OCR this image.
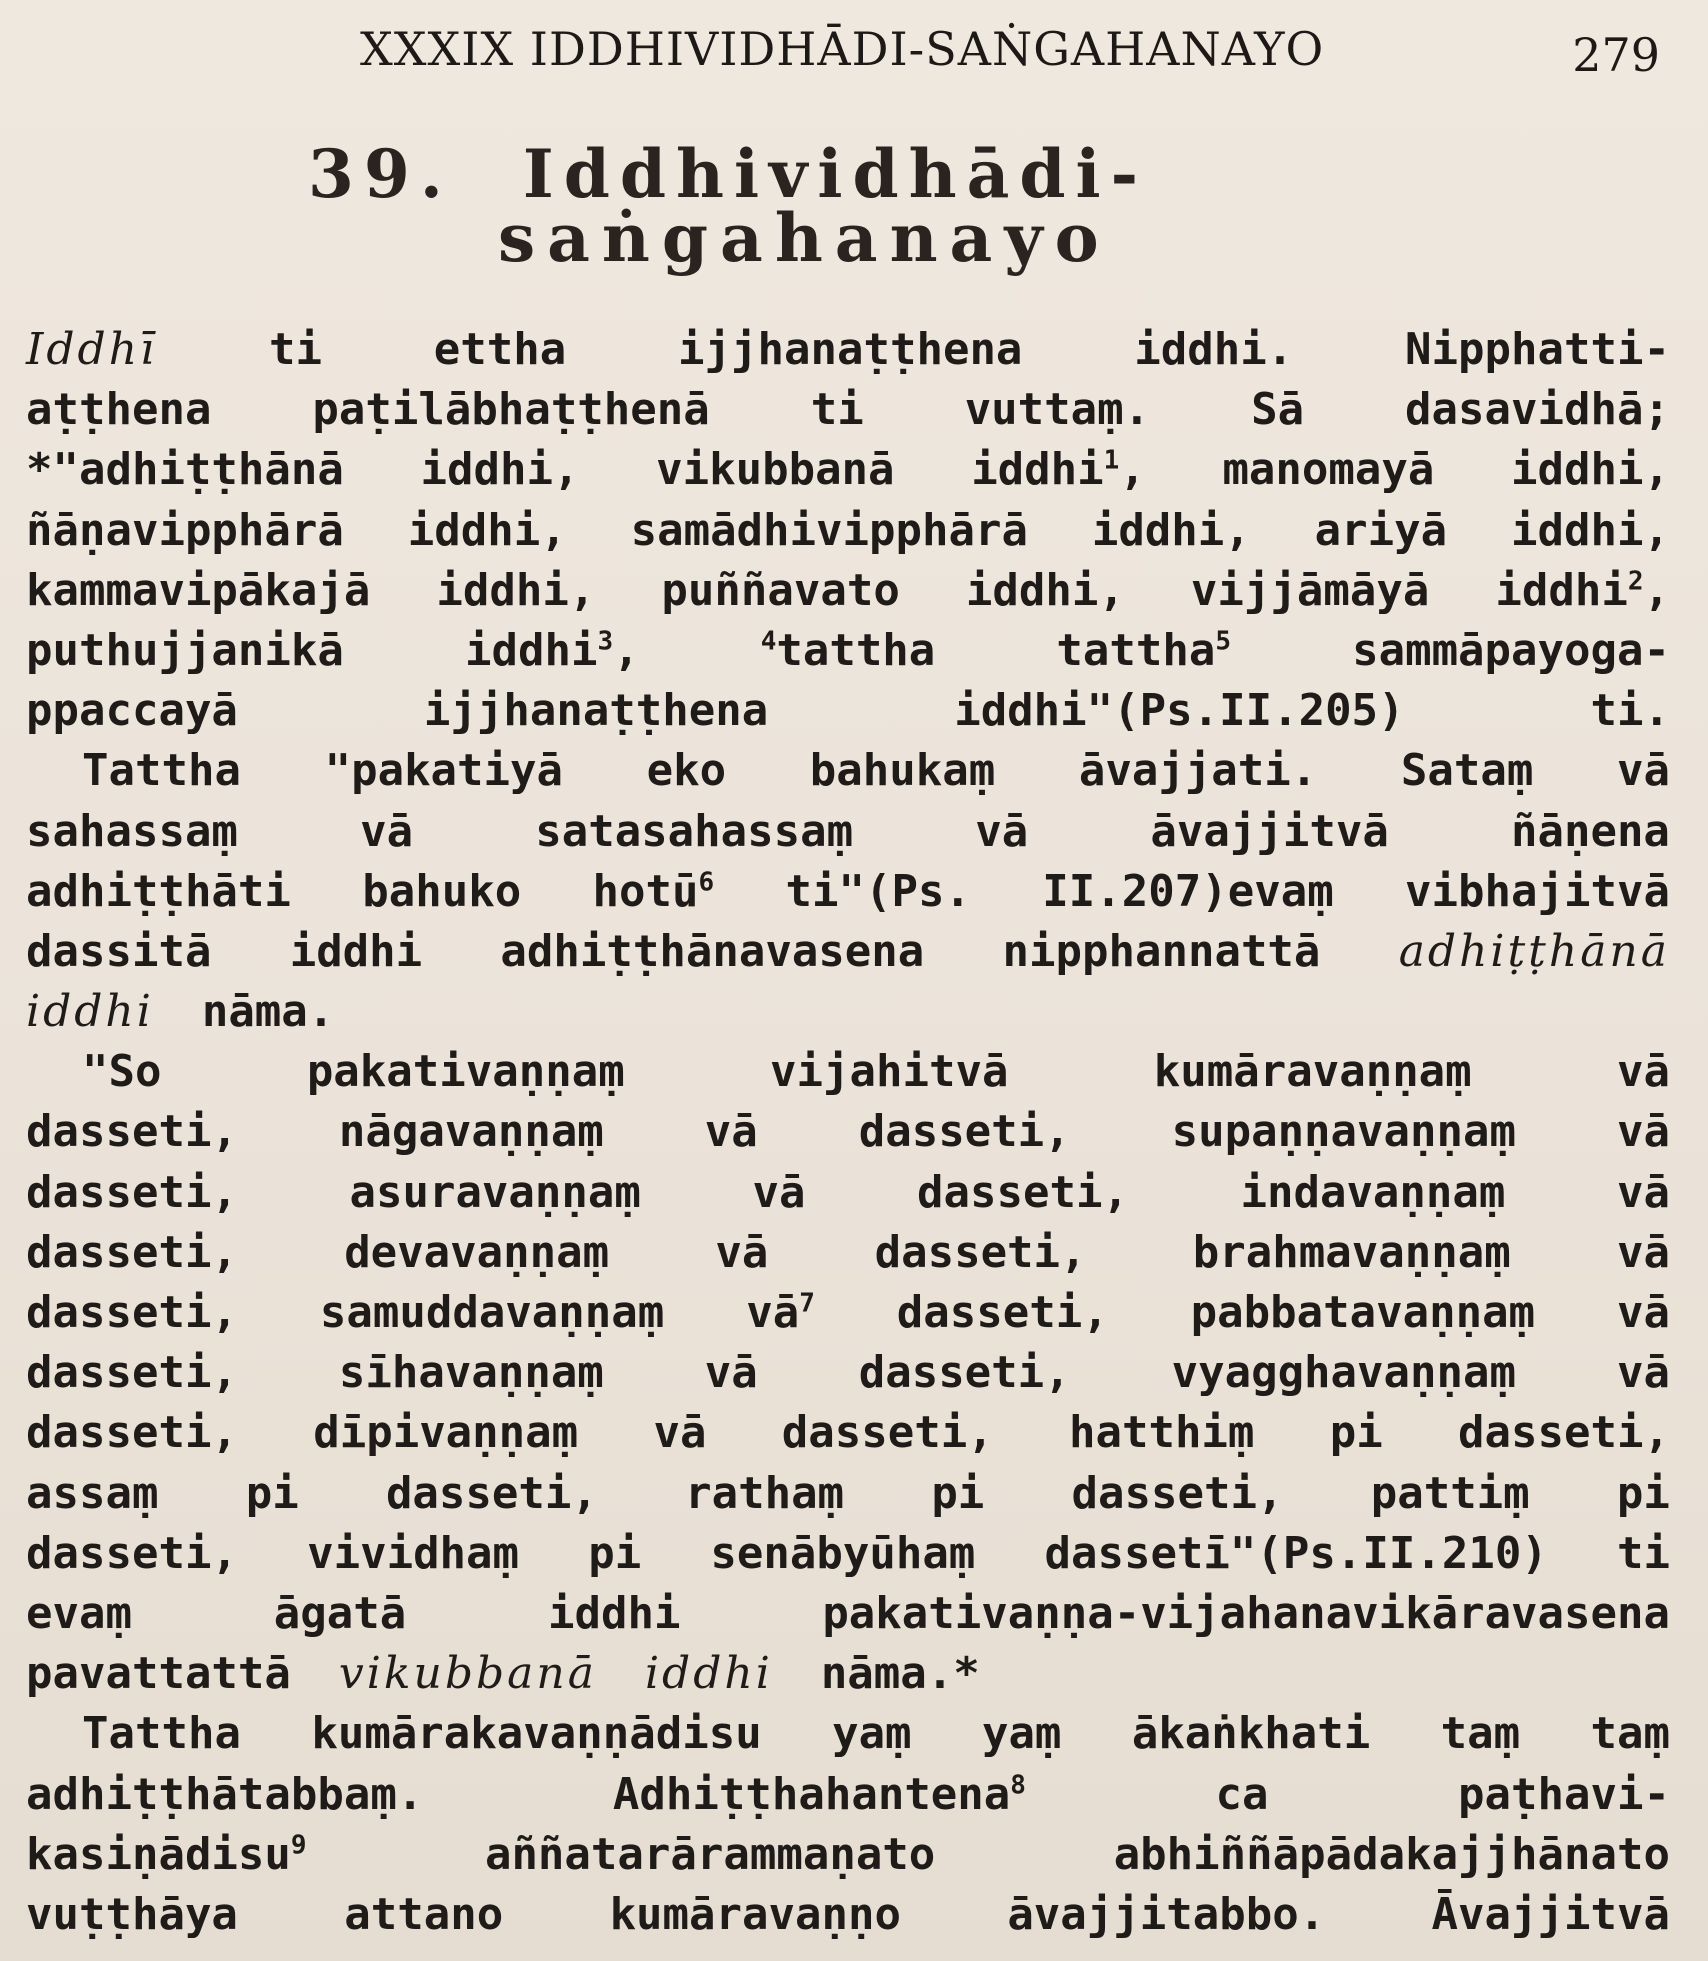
XXXIX IDDHIVIDHĀDI-SAṄGAHANAYO	279
39. Iddhividhādi-
saṅgahanayo
Iddhī	ti	ettha	ijjhanaṭṭhena	iddhi.	Nipphatti-
aṭṭhena paṭilābhaṭṭhenā ti vuttaṃ. Sā dasavidhā;
*"adhiṭṭhānā iddhi, vikubbanā iddhi$^1$, manomayā iddhi,
ñāṇavipphārā iddhi, samādhivipphārā iddhi, ariyā iddhi,
kammavipākajā iddhi, puññavato iddhi, vijjāmāyā iddhi$^2$,
puthujjanikā	iddhi$^3$,	$^4$tattha	tattha$^5$	sammāpayoga-
ppaccayā	ijjhanaṭṭhena	iddhi"(Ps.II.205)	ti.
Tattha "pakatiyā eko bahukaṃ āvajjati. Sataṃ vā
sahassaṃ	vā	satasahassaṃ	vā	āvajjitvā	ñāṇena
adhiṭṭhāti bahuko hotū$^6$ ti"(Ps. II.207)evaṃ vibhajitvā
dassitā iddhi adhiṭṭhānavasena nipphannattā adhiṭṭhānā
iddhi nāma.
"So	pakativaṇṇaṃ	vijahitvā	kumāravaṇṇaṃ	vā
dasseti, nāgavaṇṇaṃ vā dasseti, supaṇṇavaṇṇaṃ vā
dasseti,	asuravaṇṇaṃ	vā	dasseti,	indavaṇṇaṃ	vā
dasseti, devavaṇṇaṃ vā dasseti, brahmavaṇṇaṃ vā
dasseti, samuddavaṇṇaṃ $vā^7$ dasseti, pabbatavaṇṇaṃ vā
dasseti, sīhavaṇṇaṃ vā dasseti, vyagghavaṇṇaṃ vā
dasseti, dīpivaṇṇaṃ vā dasseti, hatthiṃ pi dasseti,
assaṃ pi dasseti, rathaṃ pi dasseti, pattiṃ pi
dasseti, vividhaṃ pi senābyūhaṃ dassetī"(Ps.II.210) ti
evaṃ	āgatā	iddhi	pakativaṇṇa-vijahanavikāravasena
pavattattā vikubbanā iddhi nāma.*
Tattha kumārakavaṇṇādisu yaṃ yaṃ ākaṅkhati taṃ taṃ
adhiṭṭhātabbaṃ.	Adhiṭṭhahantena$^8$	ca	paṭhavi-
kasiṇādisu$^9$	aññatarārammaṇato	abhiññāpādakajjhānato
vuṭṭhāya attano kumāravaṇṇo āvajjitabbo. Āvajjitvā
